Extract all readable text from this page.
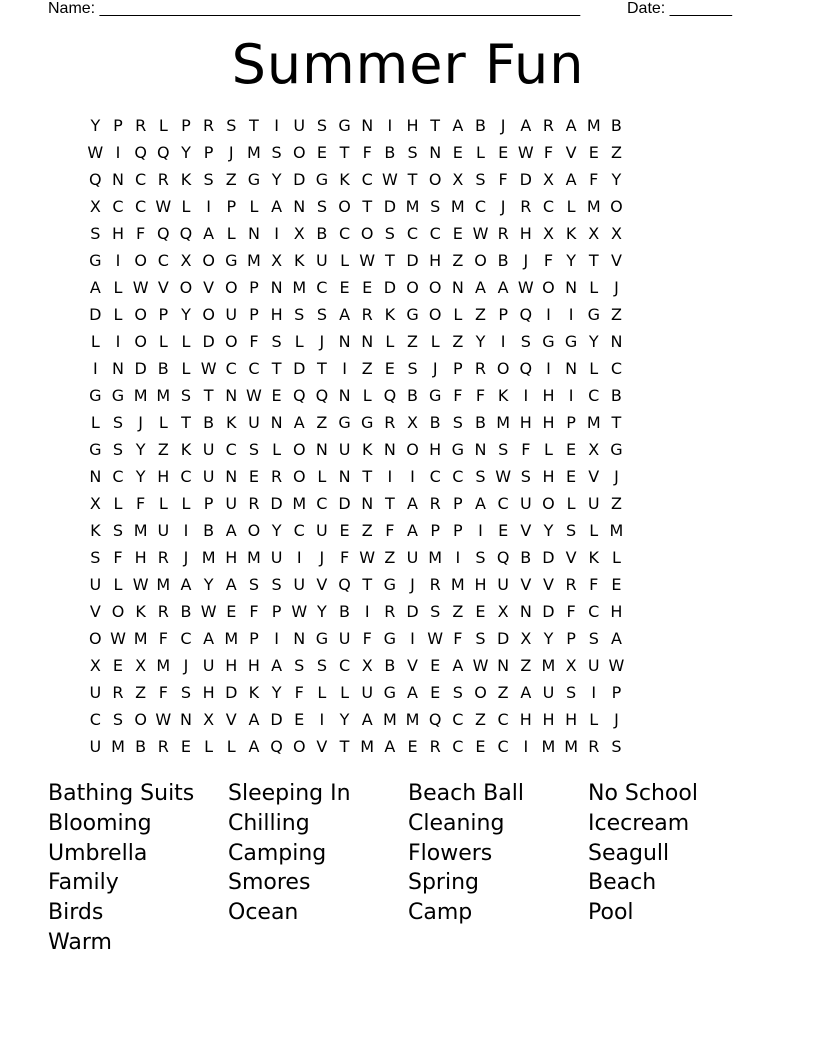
Name: ______________________________________________________	Date: _______
Summer Fun
Y P R L P R S T I U S G N I H T A B J A R A M B
W I Q Q Y P J M S O E T F B S N E L E W F V E Z
Q N C R K S Z G Y D G K C W T O X S F D X A F Y
X C C W L I P L A N S O T D M S M C J R C L M O
S H F Q Q A L N I X B C O S C C E W R H X K X X
G I O C X O G M X K U L W T D H Z O B J F Y T V
A L W V O V O P N M C E E D O O N A A W O N L J
D L O P Y O U P H S S A R K G O L Z P Q I	I G Z
L I O L L D O F S L J N N L Z L Z Y I S G G Y N
I N D B L W C C T D T I Z E S J P R O Q I N L C
G G M M S T N W E Q Q N L Q B G F F K I H I C B
L S J L T B K U N A Z G G R X B S B M H H P M T
G S Y Z K U C S L O N U K N O H G N S F L E X G
N C Y H C U N E R O L N T I	I C C S W S H E V J
X L F L L P U R D M C D N T A R P A C U O L U Z
K S M U I B A O Y C U E Z F A P P I E V Y S L M
S F H R J M H M U I	J F W Z U M I S Q B D V K L
U L W M A Y A S S U V Q T G J R M H U V V R F E
V O K R B W E F P W Y B I R D S Z E X N D F C H
O W M F C A M P I N G U F G I W F S D X Y P S A
X E X M J U H H A S S C X B V E A W N Z M X U W
U R Z F S H D K Y F L L U G A E S O Z A U S I P
C S O W N X V A D E I Y A M M Q C Z C H H H L J
U M B R E L L A Q O V T M A E R C E C I M M R S
Bathing Suits	Sleeping In	Beach Ball	No School
Blooming	Chilling	Cleaning	Icecream
Umbrella	Camping	Flowers	Seagull
Family	Smores	Spring	Beach
Birds	Ocean	Camp	Pool
Warm
